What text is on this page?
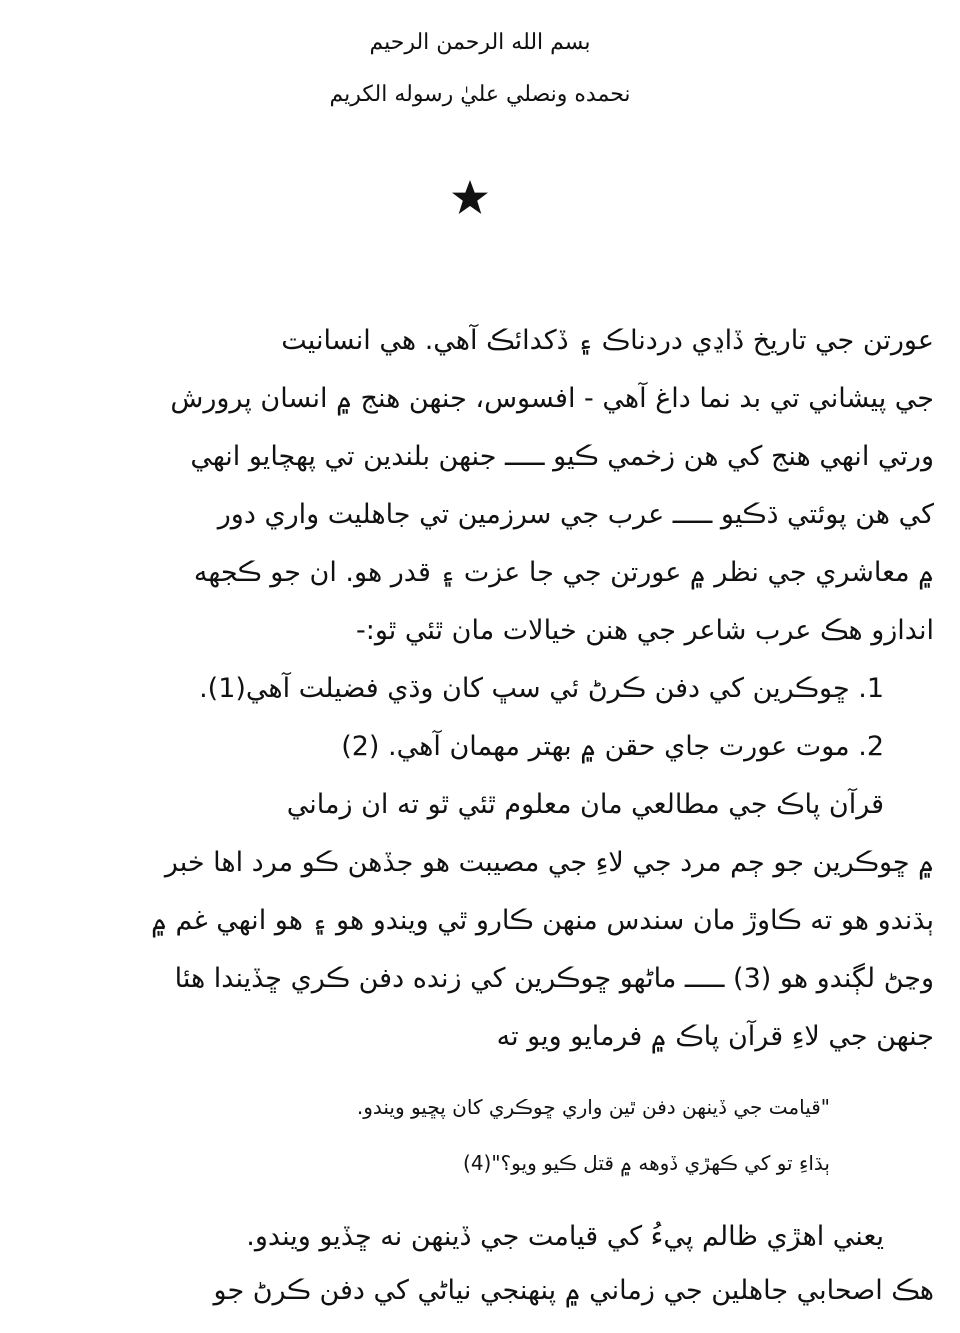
بسم الله الرحمن الرحيم
نحمده ونصلي عليٰ رسوله الكريم
عورتن جي تاريخ ڏاڍي دردناڪ ۽ ڏکدائڪ آهي. هي انسانيت
جي پيشاني تي بد نما داغ آهي - افسوس، جنهن هنج ۾ انسان پرورش
ورتي انهي هنج کي هن زخمي ڪيو ـــــ جنهن بلندين تي پهچايو انهي
کي هن پوئتي ڌڪيو ـــــ عرب جي سرزمين تي جاهليت واري دور
۾ معاشري جي نظر ۾ عورتن جي جا عزت ۽ قدر هو. ان جو ڪجهه
اندازو هڪ عرب شاعر جي هنن خيالات مان ٿئي ٿو:-
1. ڇوڪرين کي دفن ڪرڻ ئي سڀ کان وڌي فضيلت آهي(1).
2. موت عورت جاي حقن ۾ بهتر مهمان آهي. (2)
قرآن پاڪ جي مطالعي مان معلوم ٿئي ٿو ته ان زماني
۾ ڇوڪرين جو ڄم مرد جي لاءِ جي مصيبت هو جڏهن ڪو مرد اها خبر
ٻڌندو هو ته ڪاوڙ مان سندس منهن ڪارو ٿي ويندو هو ۽ هو انهي غم ۾
وڃڻ لڳندو هو (3) ـــــ ماڻهو ڇوڪرين کي زنده دفن ڪري ڇڏيندا هئا
جنهن جي لاءِ قرآن پاڪ ۾ فرمايو ويو ته
"قيامت جي ڏينهن دفن ٿين واري ڇوڪري کان پڇيو ويندو.
ٻڌاءِ تو کي ڪهڙي ڏوهه ۾ قتل ڪيو ويو؟"(4)
يعني اهڙي ظالم پيءُ کي قيامت جي ڏينهن نه ڇڏيو ويندو.
هڪ اصحابي جاهلين جي زماني ۾ پنهنجي نياڻي کي دفن ڪرڻ جو
